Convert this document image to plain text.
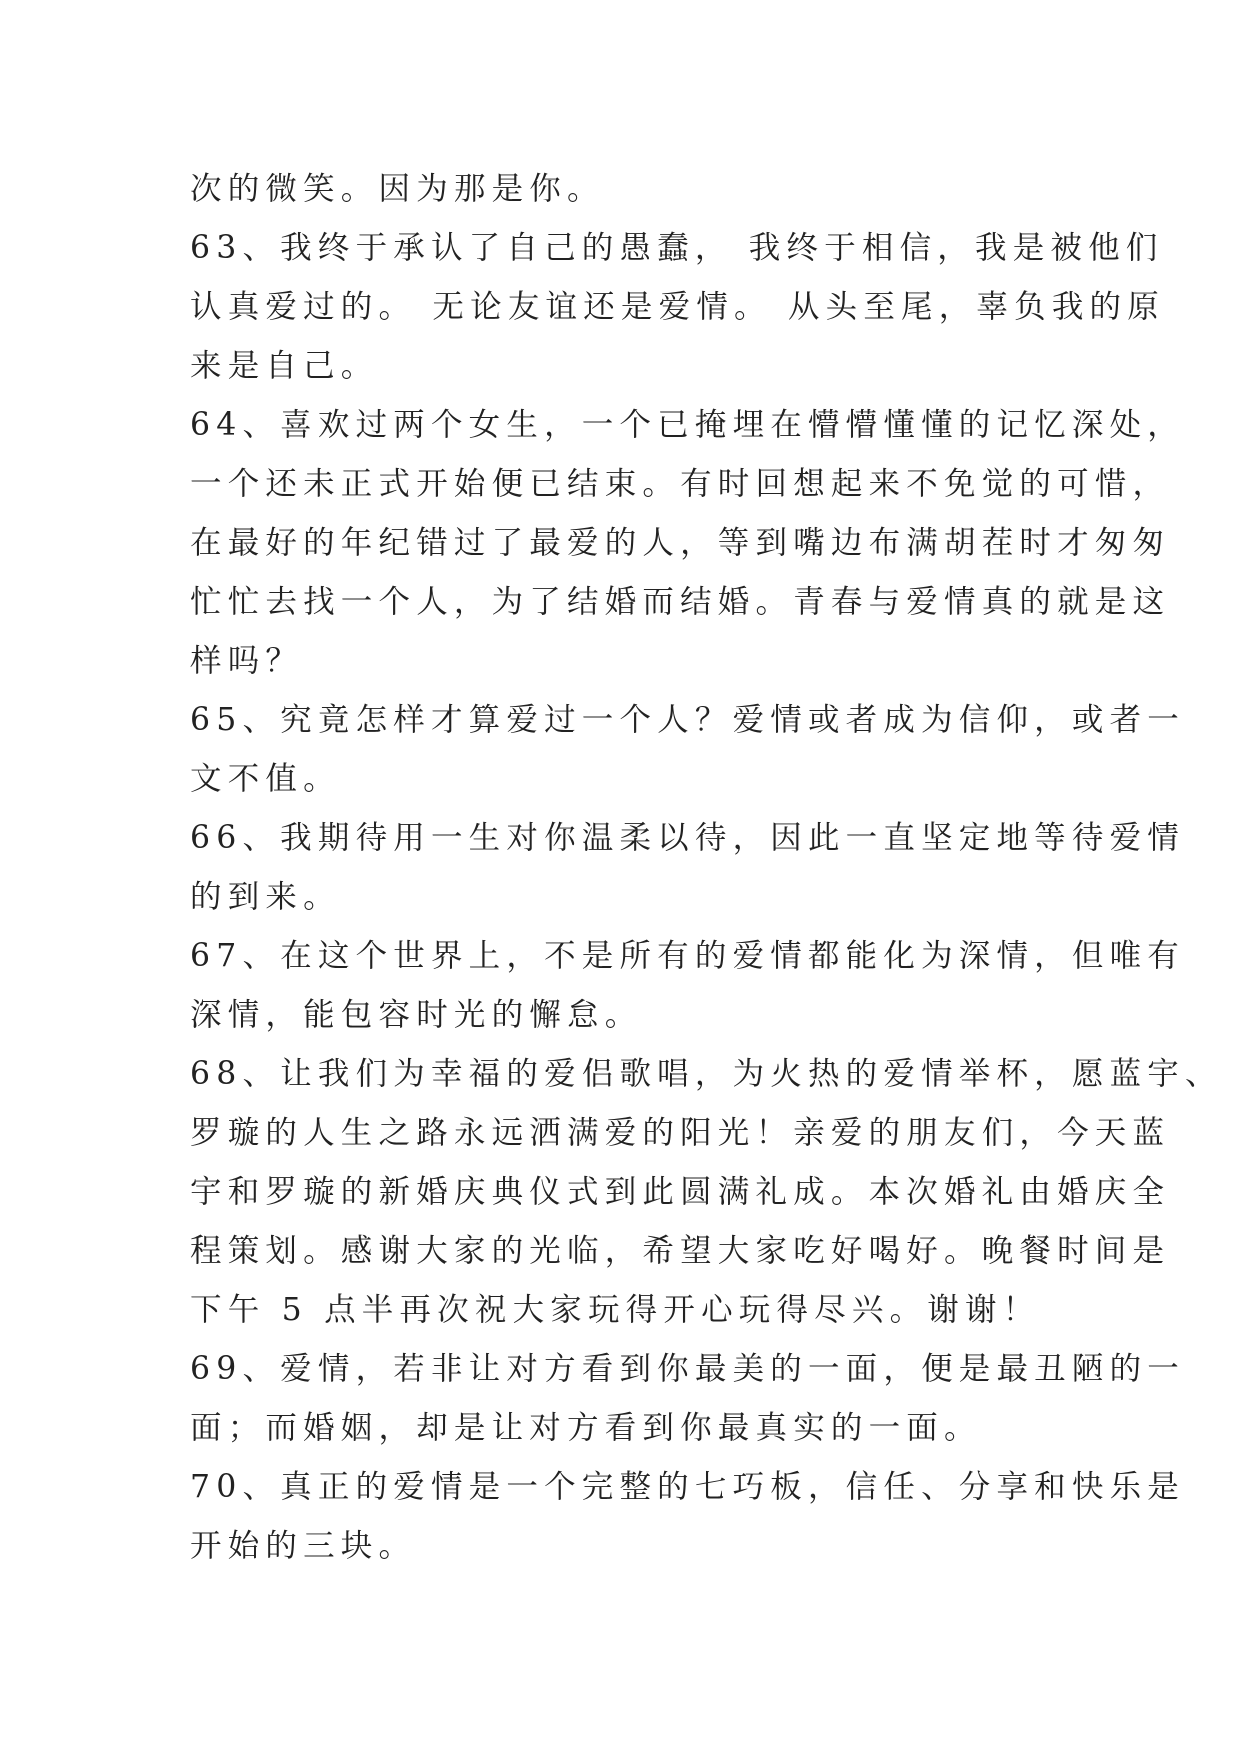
次的微笑。因为那是你。
63、我终于承认了自己的愚蠢， 我终于相信，我是被他们
认真爱过的。 无论友谊还是爱情。 从头至尾，辜负我的原
来是自己。
64、喜欢过两个女生，一个已掩埋在懵懵懂懂的记忆深处，
一个还未正式开始便已结束。有时回想起来不免觉的可惜，
在最好的年纪错过了最爱的人，等到嘴边布满胡茬时才匆匆
忙忙去找一个人，为了结婚而结婚。青春与爱情真的就是这
样吗？
65、究竟怎样才算爱过一个人？爱情或者成为信仰，或者一
文不值。
66、我期待用一生对你温柔以待，因此一直坚定地等待爱情
的到来。
67、在这个世界上，不是所有的爱情都能化为深情，但唯有
深情，能包容时光的懈怠。
68、让我们为幸福的爱侣歌唱，为火热的爱情举杯，愿蓝宇、
罗璇的人生之路永远洒满爱的阳光！亲爱的朋友们，今天蓝
宇和罗璇的新婚庆典仪式到此圆满礼成。本次婚礼由婚庆全
程策划。感谢大家的光临，希望大家吃好喝好。晚餐时间是
下午 5 点半再次祝大家玩得开心玩得尽兴。谢谢！
69、爱情，若非让对方看到你最美的一面，便是最丑陋的一
面；而婚姻，却是让对方看到你最真实的一面。
70、真正的爱情是一个完整的七巧板，信任、分享和快乐是
开始的三块。
